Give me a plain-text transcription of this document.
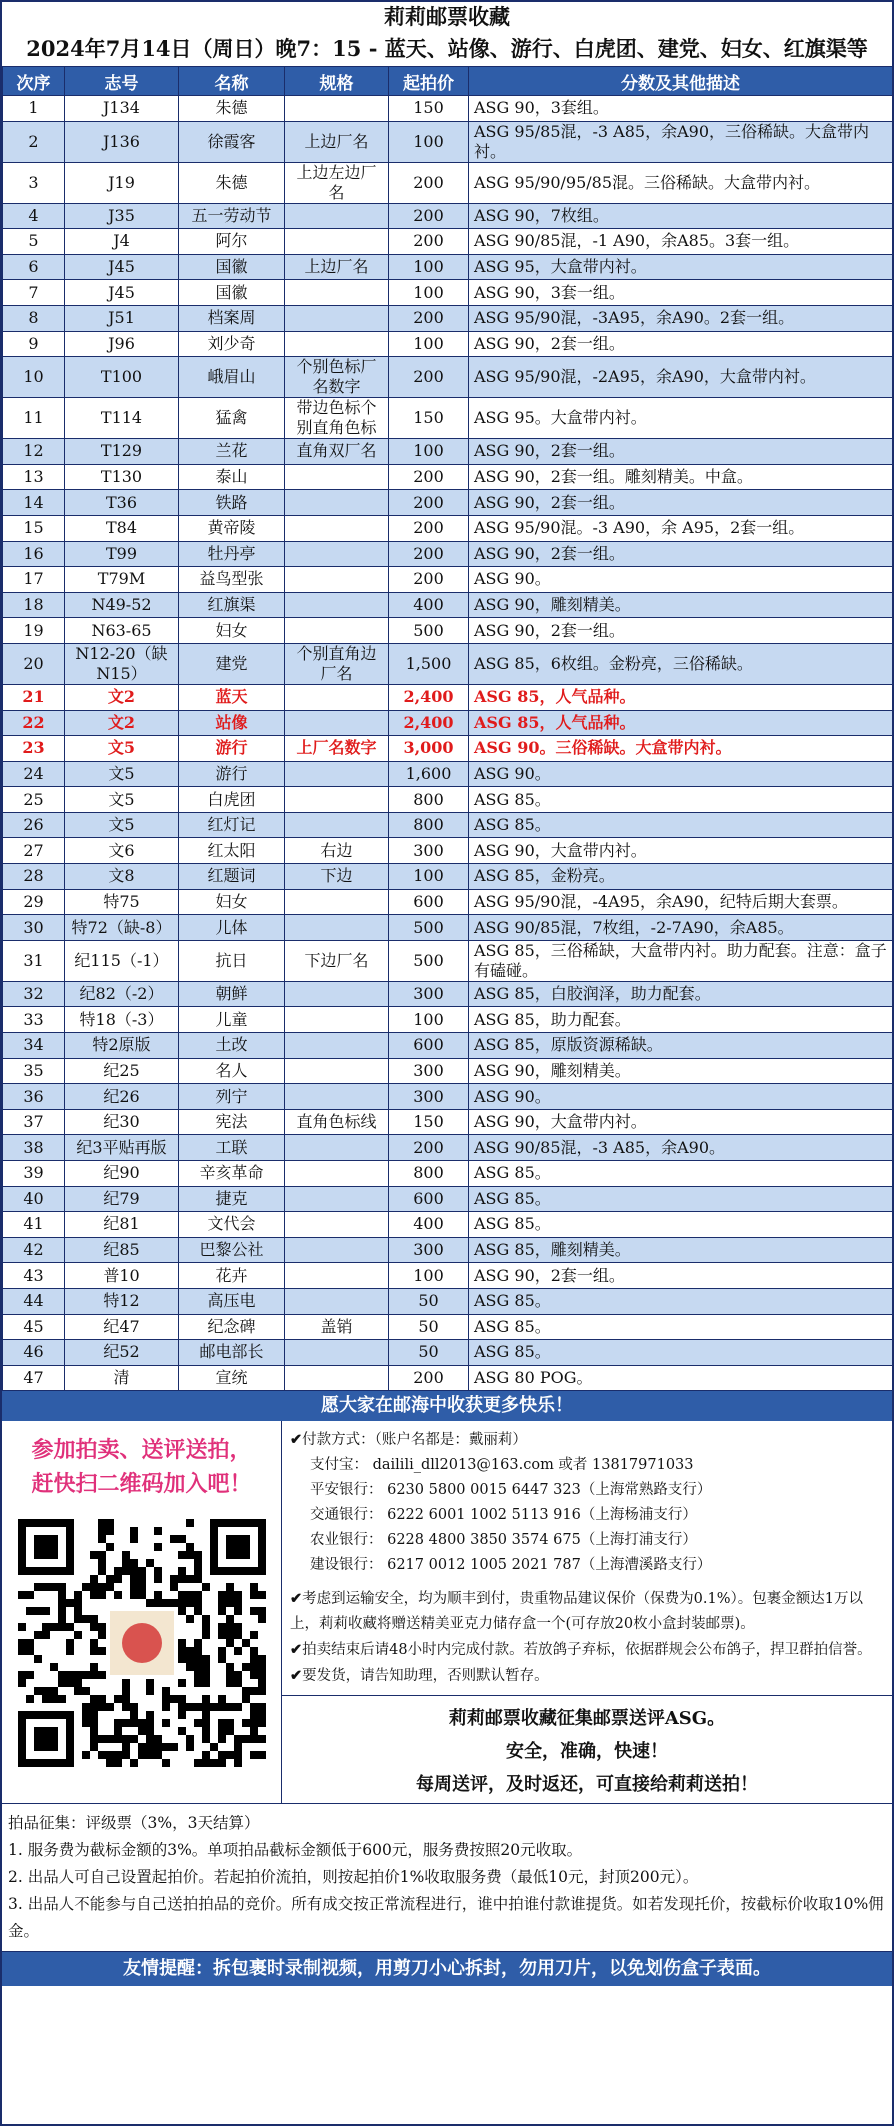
莉莉邮票收藏
2024年7月14日（周日）晚7：15 - 蓝天、站像、游行、白虎团、建党、妇女、红旗渠等
次序	志号	名称	规格	起拍价	分数及其他描述
1	J134	朱德		150	ASG 90，3套组。
2	J136	徐霞客	上边厂名	100	ASG 95/85混，-3 A85，余A90，三俗稀缺。大盒带内衬。
3	J19	朱德	上边左边厂名	200	ASG 95/90/95/85混。三俗稀缺。大盒带内衬。
4	J35	五一劳动节		200	ASG 90，7枚组。
5	J4	阿尔		200	ASG 90/85混，-1 A90，余A85。3套一组。
6	J45	国徽	上边厂名	100	ASG 95，大盒带内衬。
7	J45	国徽		100	ASG 90，3套一组。
8	J51	档案周		200	ASG 95/90混，-3A95，余A90。2套一组。
9	J96	刘少奇		100	ASG 90，2套一组。
10	T100	峨眉山	个别色标厂名数字	200	ASG 95/90混，-2A95，余A90，大盒带内衬。
11	T114	猛禽	带边色标个别直角色标	150	ASG 95。大盒带内衬。
12	T129	兰花	直角双厂名	100	ASG 90，2套一组。
13	T130	泰山		200	ASG 90，2套一组。雕刻精美。中盒。
14	T36	铁路		200	ASG 90，2套一组。
15	T84	黄帝陵		200	ASG 95/90混。-3 A90，余 A95，2套一组。
16	T99	牡丹亭		200	ASG 90，2套一组。
17	T79M	益鸟型张		200	ASG 90。
18	N49-52	红旗渠		400	ASG 90，雕刻精美。
19	N63-65	妇女		500	ASG 90，2套一组。
20	N12-20（缺N15）	建党	个别直角边厂名	1,500	ASG 85，6枚组。金粉亮，三俗稀缺。
21	文2	蓝天		2,400	ASG 85，人气品种。
22	文2	站像		2,400	ASG 85，人气品种。
23	文5	游行	上厂名数字	3,000	ASG 90。三俗稀缺。大盒带内衬。
24	文5	游行		1,600	ASG 90。
25	文5	白虎团		800	ASG 85。
26	文5	红灯记		800	ASG 85。
27	文6	红太阳	右边	300	ASG 90，大盒带内衬。
28	文8	红题词	下边	100	ASG 85，金粉亮。
29	特75	妇女		600	ASG 95/90混，-4A95，余A90，纪特后期大套票。
30	特72（缺-8）	儿体		500	ASG 90/85混，7枚组，-2-7A90，余A85。
31	纪115（-1）	抗日	下边厂名	500	ASG 85，三俗稀缺，大盒带内衬。助力配套。注意：盒子有磕碰。
32	纪82（-2）	朝鲜		300	ASG 85，白胶润泽，助力配套。
33	特18（-3）	儿童		100	ASG 85，助力配套。
34	特2原版	土改		600	ASG 85，原版资源稀缺。
35	纪25	名人		300	ASG 90，雕刻精美。
36	纪26	列宁		300	ASG 90。
37	纪30	宪法	直角色标线	150	ASG 90，大盒带内衬。
38	纪3平贴再版	工联		200	ASG 90/85混，-3 A85，余A90。
39	纪90	辛亥革命		800	ASG 85。
40	纪79	捷克		600	ASG 85。
41	纪81	文代会		400	ASG 85。
42	纪85	巴黎公社		300	ASG 85，雕刻精美。
43	普10	花卉		100	ASG 90，2套一组。
44	特12	高压电		50	ASG 85。
45	纪47	纪念碑	盖销	50	ASG 85。
46	纪52	邮电部长		50	ASG 85。
47	清	宣统		200	ASG 80 POG。
愿大家在邮海中收获更多快乐！
参加拍卖、送评送拍，
赶快扫二维码加入吧！
✔付款方式：（账户名都是：戴丽莉）
支付宝： dailili_dll2013@163.com 或者 13817971033
平安银行： 6230 5800 0015 6447 323（上海常熟路支行）
交通银行： 6222 6001 1002 5113 916（上海杨浦支行）
农业银行： 6228 4800 3850 3574 675（上海打浦支行）
建设银行： 6217 0012 1005 2021 787（上海漕溪路支行）
✔考虑到运输安全，均为顺丰到付，贵重物品建议保价（保费为0.1%）。包裹金额达1万以上，莉莉收藏将赠送精美亚克力储存盒一个(可存放20枚小盒封装邮票)。
✔拍卖结束后请48小时内完成付款。若放鸽子弃标，依据群规会公布鸽子，捍卫群拍信誉。
✔要发货，请告知助理，否则默认暂存。
莉莉邮票收藏征集邮票送评ASG。
安全，准确，快速！
每周送评，及时返还，可直接给莉莉送拍！
拍品征集：评级票（3%，3天结算）
1. 服务费为截标金额的3%。单项拍品截标金额低于600元，服务费按照20元收取。
2. 出品人可自己设置起拍价。若起拍价流拍，则按起拍价1%收取服务费（最低10元，封顶200元）。
3. 出品人不能参与自己送拍拍品的竞价。所有成交按正常流程进行，谁中拍谁付款谁提货。如若发现托价，按截标价收取10%佣金。
友情提醒：拆包裹时录制视频，用剪刀小心拆封，勿用刀片，以免划伤盒子表面。
